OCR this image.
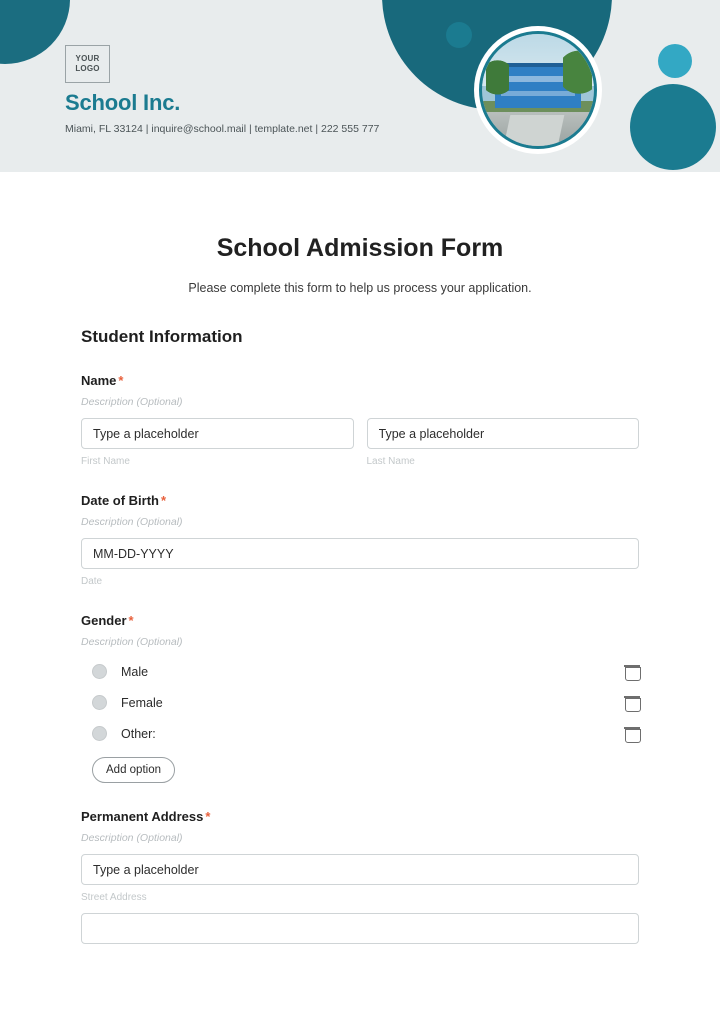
YOUR
LOGO
School Inc.
Miami, FL 33124 | inquire@school.mail | template.net | 222 555 777
School Admission Form
Please complete this form to help us process your application.
Student Information
Name *
Description (Optional)
Type a placeholder
First Name
Type a placeholder	Last Name
Date of Birth *
Description (Optional)
MM-DD-YYYY
Date
Gender *
Description (Optional)
Male
Female
Other:
Add option
Permanent Address *
Description (Optional)
Type a placeholder
Street Address
